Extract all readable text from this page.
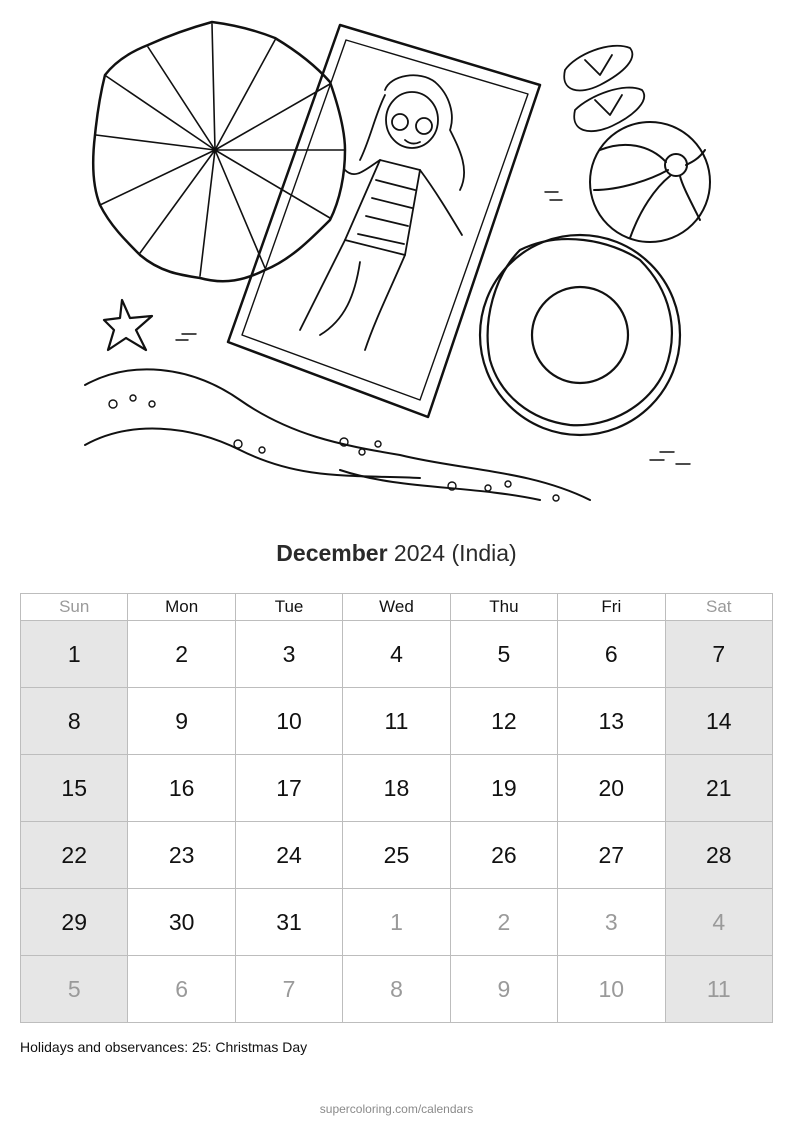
December 2024 (India)
Sun	Mon	Tue	Wed	Thu	Fri	Sat
1	2	3	4	5	6	7
8	9	10	11	12	13	14
15	16	17	18	19	20	21
22	23	24	25	26	27	28
29	30	31	1	2	3	4
5	6	7	8	9	10	11
Holidays and observances: 25: Christmas Day
supercoloring.com/calendars
